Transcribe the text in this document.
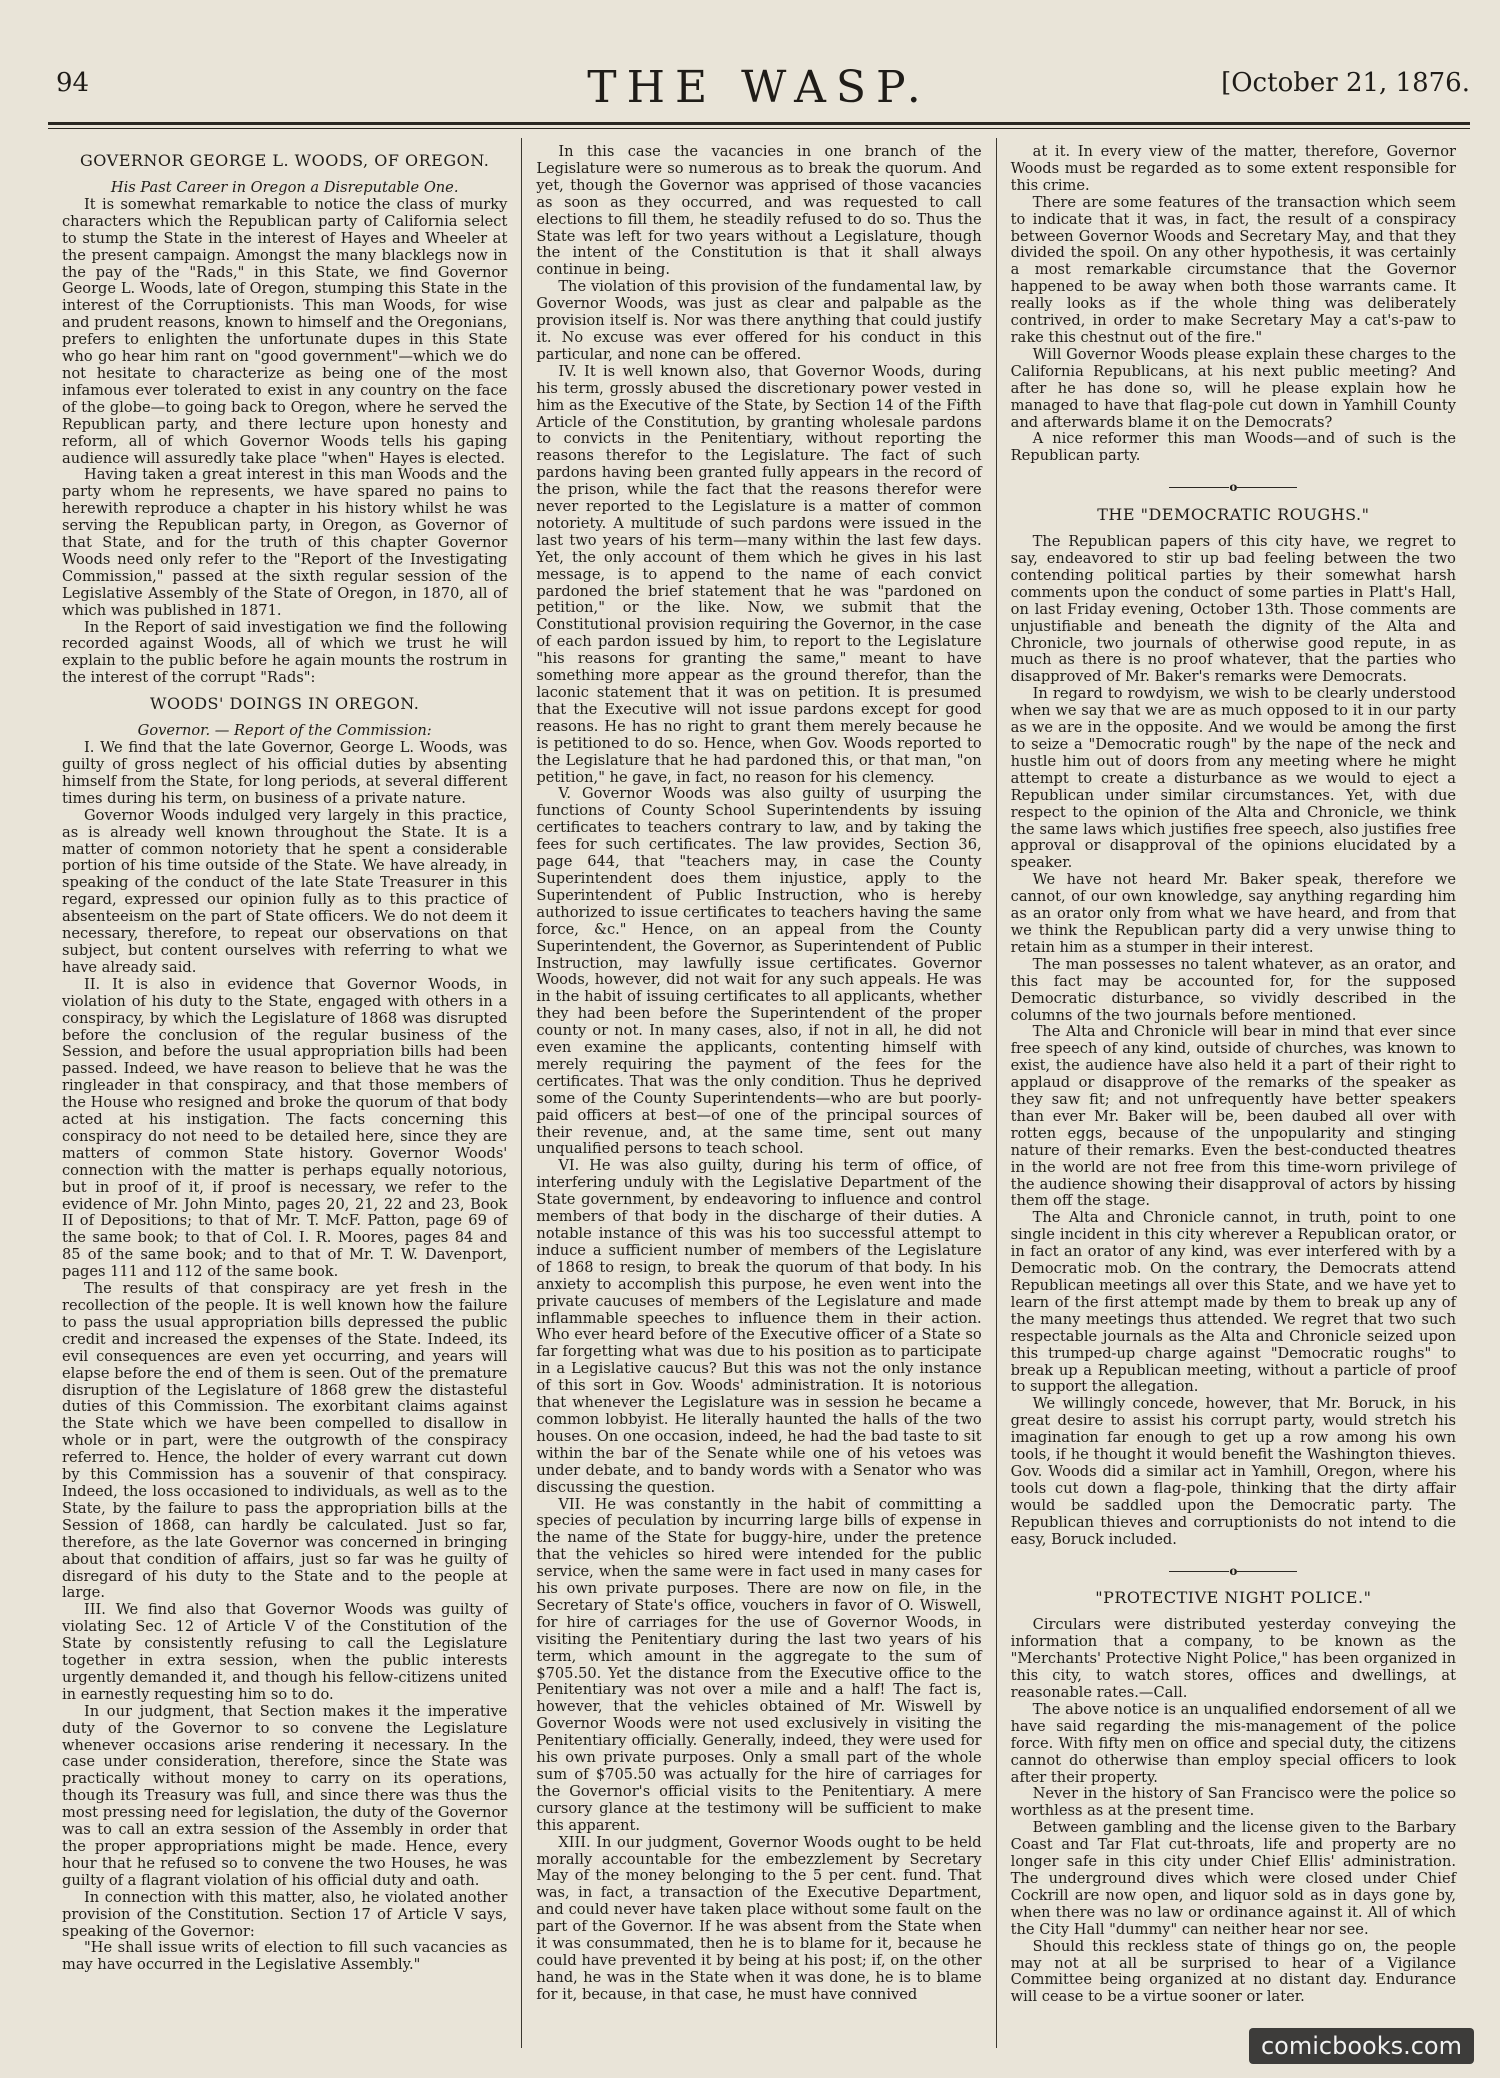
94	THE WASP.	[October 21, 1876.
GOVERNOR GEORGE L. WOODS, OF OREGON.

His Past Career in Oregon a Disreputable One.

It is somewhat remarkable to notice the class of murky characters which the Republican party of California select to stump the State in the interest of Hayes and Wheeler at the present campaign. Amongst the many blacklegs now in the pay of the "Rads," in this State, we find Governor George L. Woods, late of Oregon, stumping this State in the interest of the Corruptionists. This man Woods, for wise and prudent reasons, known to himself and the Oregonians, prefers to enlighten the unfortunate dupes in this State who go hear him rant on "good government"—which we do not hesitate to characterize as being one of the most infamous ever tolerated to exist in any country on the face of the globe—to going back to Oregon, where he served the Republican party, and there lecture upon honesty and reform, all of which Governor Woods tells his gaping audience will assuredly take place "when" Hayes is elected.

Having taken a great interest in this man Woods and the party whom he represents, we have spared no pains to herewith reproduce a chapter in his history whilst he was serving the Republican party, in Oregon, as Governor of that State, and for the truth of this chapter Governor Woods need only refer to the "Report of the Investigating Commission," passed at the sixth regular session of the Legislative Assembly of the State of Oregon, in 1870, all of which was published in 1871.

In the Report of said investigation we find the following recorded against Woods, all of which we trust he will explain to the public before he again mounts the rostrum in the interest of the corrupt "Rads":

WOODS' DOINGS IN OREGON.

Governor. — Report of the Commission:

I. We find that the late Governor, George L. Woods, was guilty of gross neglect of his official duties by absenting himself from the State, for long periods, at several different times during his term, on business of a private nature.

Governor Woods indulged very largely in this practice, as is already well known throughout the State. It is a matter of common notoriety that he spent a considerable portion of his time outside of the State. We have already, in speaking of the conduct of the late State Treasurer in this regard, expressed our opinion fully as to this practice of absenteeism on the part of State officers. We do not deem it necessary, therefore, to repeat our observations on that subject, but content ourselves with referring to what we have already said.

II. It is also in evidence that Governor Woods, in violation of his duty to the State, engaged with others in a conspiracy, by which the Legislature of 1868 was disrupted before the conclusion of the regular business of the Session, and before the usual appropriation bills had been passed. Indeed, we have reason to believe that he was the ringleader in that conspiracy, and that those members of the House who resigned and broke the quorum of that body acted at his instigation. The facts concerning this conspiracy do not need to be detailed here, since they are matters of common State history. Governor Woods' connection with the matter is perhaps equally notorious, but in proof of it, if proof is necessary, we refer to the evidence of Mr. John Minto, pages 20, 21, 22 and 23, Book II of Depositions; to that of Mr. T. McF. Patton, page 69 of the same book; to that of Col. I. R. Moores, pages 84 and 85 of the same book; and to that of Mr. T. W. Davenport, pages 111 and 112 of the same book.

The results of that conspiracy are yet fresh in the recollection of the people. It is well known how the failure to pass the usual appropriation bills depressed the public credit and increased the expenses of the State. Indeed, its evil consequences are even yet occurring, and years will elapse before the end of them is seen. Out of the premature disruption of the Legislature of 1868 grew the distasteful duties of this Commission. The exorbitant claims against the State which we have been compelled to disallow in whole or in part, were the outgrowth of the conspiracy referred to. Hence, the holder of every warrant cut down by this Commission has a souvenir of that conspiracy. Indeed, the loss occasioned to individuals, as well as to the State, by the failure to pass the appropriation bills at the Session of 1868, can hardly be calculated. Just so far, therefore, as the late Governor was concerned in bringing about that condition of affairs, just so far was he guilty of disregard of his duty to the State and to the people at large.

III. We find also that Governor Woods was guilty of violating Sec. 12 of Article V of the Constitution of the State by consistently refusing to call the Legislature together in extra session, when the public interests urgently demanded it, and though his fellow-citizens united in earnestly requesting him so to do.

In our judgment, that Section makes it the imperative duty of the Governor to so convene the Legislature whenever occasions arise rendering it necessary. In the case under consideration, therefore, since the State was practically without money to carry on its operations, though its Treasury was full, and since there was thus the most pressing need for legislation, the duty of the Governor was to call an extra session of the Assembly in order that the proper appropriations might be made. Hence, every hour that he refused so to convene the two Houses, he was guilty of a flagrant violation of his official duty and oath.

In connection with this matter, also, he violated another provision of the Constitution. Section 17 of Article V says, speaking of the Governor:

"He shall issue writs of election to fill such vacancies as may have occurred in the Legislative Assembly."

In this case the vacancies in one branch of the Legislature were so numerous as to break the quorum. And yet, though the Governor was apprised of those vacancies as soon as they occurred, and was requested to call elections to fill them, he steadily refused to do so. Thus the State was left for two years without a Legislature, though the intent of the Constitution is that it shall always continue in being.

The violation of this provision of the fundamental law, by Governor Woods, was just as clear and palpable as the provision itself is. Nor was there anything that could justify it. No excuse was ever offered for his conduct in this particular, and none can be offered.

IV. It is well known also, that Governor Woods, during his term, grossly abused the discretionary power vested in him as the Executive of the State, by Section 14 of the Fifth Article of the Constitution, by granting wholesale pardons to convicts in the Penitentiary, without reporting the reasons therefor to the Legislature. The fact of such pardons having been granted fully appears in the record of the prison, while the fact that the reasons therefor were never reported to the Legislature is a matter of common notoriety. A multitude of such pardons were issued in the last two years of his term—many within the last few days. Yet, the only account of them which he gives in his last message, is to append to the name of each convict pardoned the brief statement that he was "pardoned on petition," or the like. Now, we submit that the Constitutional provision requiring the Governor, in the case of each pardon issued by him, to report to the Legislature "his reasons for granting the same," meant to have something more appear as the ground therefor, than the laconic statement that it was on petition. It is presumed that the Executive will not issue pardons except for good reasons. He has no right to grant them merely because he is petitioned to do so. Hence, when Gov. Woods reported to the Legislature that he had pardoned this, or that man, "on petition," he gave, in fact, no reason for his clemency.

V. Governor Woods was also guilty of usurping the functions of County School Superintendents by issuing certificates to teachers contrary to law, and by taking the fees for such certificates. The law provides, Section 36, page 644, that "teachers may, in case the County Superintendent does them injustice, apply to the Superintendent of Public Instruction, who is hereby authorized to issue certificates to teachers having the same force, &c." Hence, on an appeal from the County Superintendent, the Governor, as Superintendent of Public Instruction, may lawfully issue certificates. Governor Woods, however, did not wait for any such appeals. He was in the habit of issuing certificates to all applicants, whether they had been before the Superintendent of the proper county or not. In many cases, also, if not in all, he did not even examine the applicants, contenting himself with merely requiring the payment of the fees for the certificates. That was the only condition. Thus he deprived some of the County Superintendents—who are but poorly-paid officers at best—of one of the principal sources of their revenue, and, at the same time, sent out many unqualified persons to teach school.

VI. He was also guilty, during his term of office, of interfering unduly with the Legislative Department of the State government, by endeavoring to influence and control members of that body in the discharge of their duties. A notable instance of this was his too successful attempt to induce a sufficient number of members of the Legislature of 1868 to resign, to break the quorum of that body. In his anxiety to accomplish this purpose, he even went into the private caucuses of members of the Legislature and made inflammable speeches to influence them in their action. Who ever heard before of the Executive officer of a State so far forgetting what was due to his position as to participate in a Legislative caucus? But this was not the only instance of this sort in Gov. Woods' administration. It is notorious that whenever the Legislature was in session he became a common lobbyist. He literally haunted the halls of the two houses. On one occasion, indeed, he had the bad taste to sit within the bar of the Senate while one of his vetoes was under debate, and to bandy words with a Senator who was discussing the question.

VII. He was constantly in the habit of committing a species of peculation by incurring large bills of expense in the name of the State for buggy-hire, under the pretence that the vehicles so hired were intended for the public service, when the same were in fact used in many cases for his own private purposes. There are now on file, in the Secretary of State's office, vouchers in favor of O. Wiswell, for hire of carriages for the use of Governor Woods, in visiting the Penitentiary during the last two years of his term, which amount in the aggregate to the sum of $705.50. Yet the distance from the Executive office to the Penitentiary was not over a mile and a half! The fact is, however, that the vehicles obtained of Mr. Wiswell by Governor Woods were not used exclusively in visiting the Penitentiary officially. Generally, indeed, they were used for his own private purposes. Only a small part of the whole sum of $705.50 was actually for the hire of carriages for the Governor's official visits to the Penitentiary. A mere cursory glance at the testimony will be sufficient to make this apparent.

XIII. In our judgment, Governor Woods ought to be held morally accountable for the embezzlement by Secretary May of the money belonging to the 5 per cent. fund. That was, in fact, a transaction of the Executive Department, and could never have taken place without some fault on the part of the Governor. If he was absent from the State when it was consummated, then he is to blame for it, because he could have prevented it by being at his post; if, on the other hand, he was in the State when it was done, he is to blame for it, because, in that case, he must have connived

at it. In every view of the matter, therefore, Governor Woods must be regarded as to some extent responsible for this crime.

There are some features of the transaction which seem to indicate that it was, in fact, the result of a conspiracy between Governor Woods and Secretary May, and that they divided the spoil. On any other hypothesis, it was certainly a most remarkable circumstance that the Governor happened to be away when both those warrants came. It really looks as if the whole thing was deliberately contrived, in order to make Secretary May a cat's-paw to rake this chestnut out of the fire."

Will Governor Woods please explain these charges to the California Republicans, at his next public meeting? And after he has done so, will he please explain how he managed to have that flag-pole cut down in Yamhill County and afterwards blame it on the Democrats?

A nice reformer this man Woods—and of such is the Republican party.

o
THE "DEMOCRATIC ROUGHS."

The Republican papers of this city have, we regret to say, endeavored to stir up bad feeling between the two contending political parties by their somewhat harsh comments upon the conduct of some parties in Platt's Hall, on last Friday evening, October 13th. Those comments are unjustifiable and beneath the dignity of the Alta and Chronicle, two journals of otherwise good repute, in as much as there is no proof whatever, that the parties who disapproved of Mr. Baker's remarks were Democrats.

In regard to rowdyism, we wish to be clearly understood when we say that we are as much opposed to it in our party as we are in the opposite. And we would be among the first to seize a "Democratic rough" by the nape of the neck and hustle him out of doors from any meeting where he might attempt to create a disturbance as we would to eject a Republican under similar circumstances. Yet, with due respect to the opinion of the Alta and Chronicle, we think the same laws which justifies free speech, also justifies free approval or disapproval of the opinions elucidated by a speaker.

We have not heard Mr. Baker speak, therefore we cannot, of our own knowledge, say anything regarding him as an orator only from what we have heard, and from that we think the Republican party did a very unwise thing to retain him as a stumper in their interest.

The man possesses no talent whatever, as an orator, and this fact may be accounted for, for the supposed Democratic disturbance, so vividly described in the columns of the two journals before mentioned.

The Alta and Chronicle will bear in mind that ever since free speech of any kind, outside of churches, was known to exist, the audience have also held it a part of their right to applaud or disapprove of the remarks of the speaker as they saw fit; and not unfrequently have better speakers than ever Mr. Baker will be, been daubed all over with rotten eggs, because of the unpopularity and stinging nature of their remarks. Even the best-conducted theatres in the world are not free from this time-worn privilege of the audience showing their disapproval of actors by hissing them off the stage.

The Alta and Chronicle cannot, in truth, point to one single incident in this city wherever a Republican orator, or in fact an orator of any kind, was ever interfered with by a Democratic mob. On the contrary, the Democrats attend Republican meetings all over this State, and we have yet to learn of the first attempt made by them to break up any of the many meetings thus attended. We regret that two such respectable journals as the Alta and Chronicle seized upon this trumped-up charge against "Democratic roughs" to break up a Republican meeting, without a particle of proof to support the allegation.

We willingly concede, however, that Mr. Boruck, in his great desire to assist his corrupt party, would stretch his imagination far enough to get up a row among his own tools, if he thought it would benefit the Washington thieves. Gov. Woods did a similar act in Yamhill, Oregon, where his tools cut down a flag-pole, thinking that the dirty affair would be saddled upon the Democratic party. The Republican thieves and corruptionists do not intend to die easy, Boruck included.

o
"PROTECTIVE NIGHT POLICE."

Circulars were distributed yesterday conveying the information that a company, to be known as the "Merchants' Protective Night Police," has been organized in this city, to watch stores, offices and dwellings, at reasonable rates.—Call.

The above notice is an unqualified endorsement of all we have said regarding the mis-management of the police force. With fifty men on office and special duty, the citizens cannot do otherwise than employ special officers to look after their property.

Never in the history of San Francisco were the police so worthless as at the present time.

Between gambling and the license given to the Barbary Coast and Tar Flat cut-throats, life and property are no longer safe in this city under Chief Ellis' administration. The underground dives which were closed under Chief Cockrill are now open, and liquor sold as in days gone by, when there was no law or ordinance against it. All of which the City Hall "dummy" can neither hear nor see.

Should this reckless state of things go on, the people may not at all be surprised to hear of a Vigilance Committee being organized at no distant day. Endurance will cease to be a virtue sooner or later.

comicbooks.com
